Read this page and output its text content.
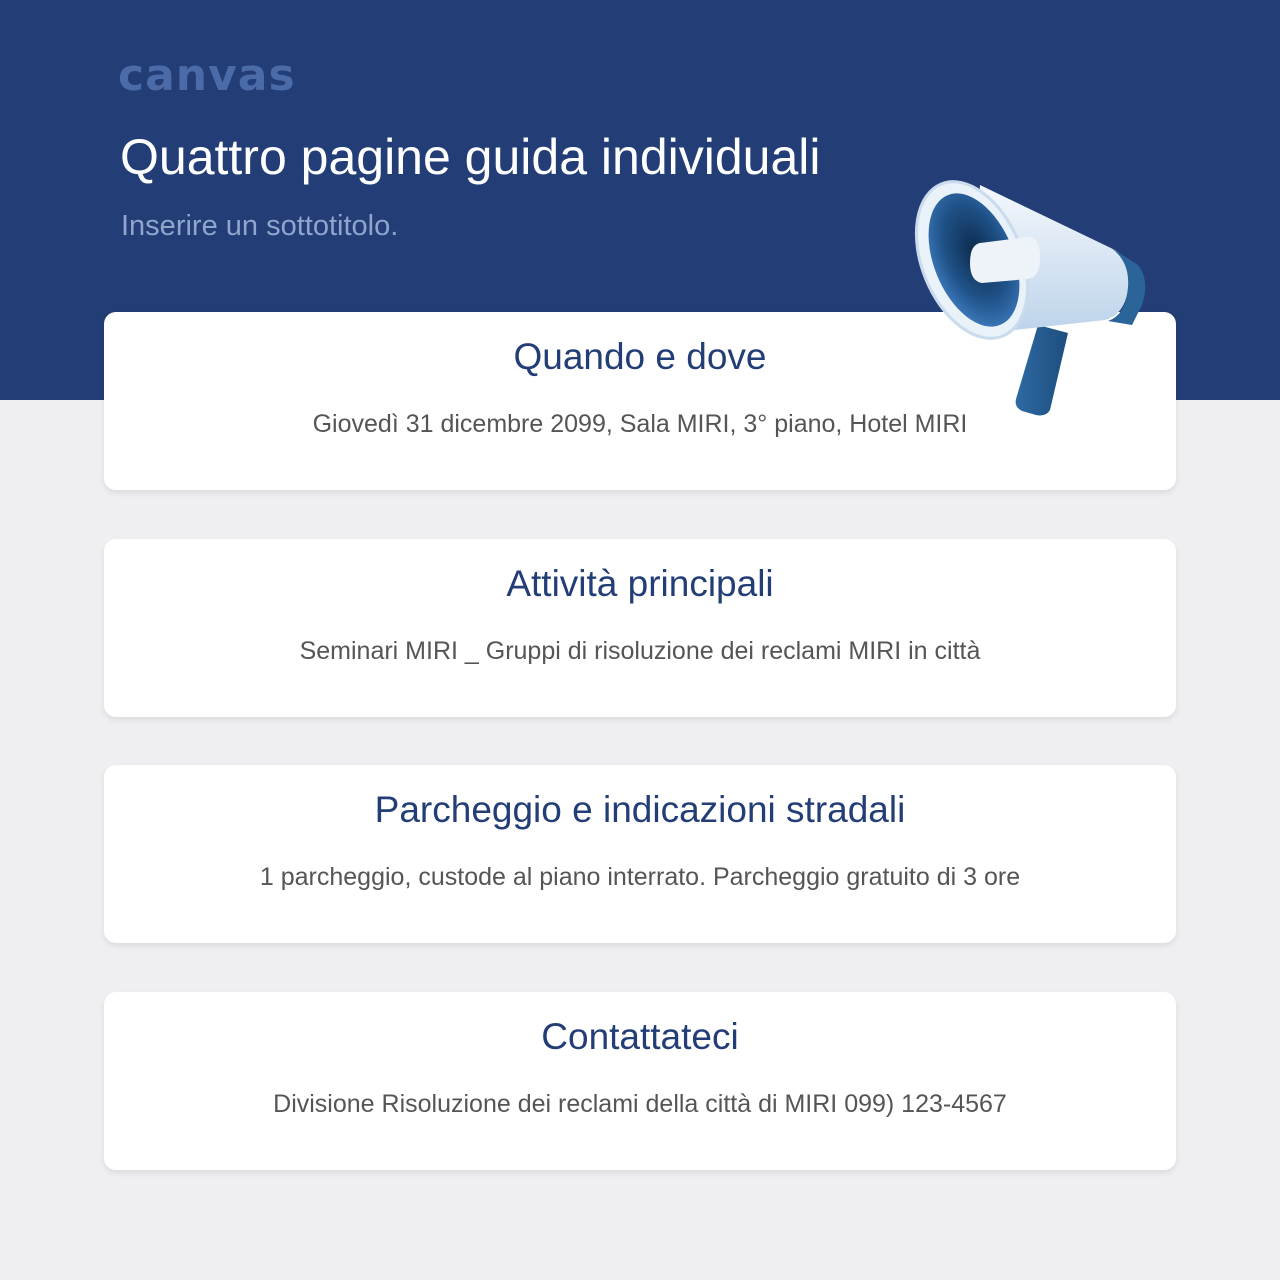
canvas
Quattro pagine guida individuali
Inserire un sottotitolo.
Quando e dove
Giovedì 31 dicembre 2099, Sala MIRI, 3° piano, Hotel MIRI
Attività principali
Seminari MIRI _ Gruppi di risoluzione dei reclami MIRI in città
Parcheggio e indicazioni stradali
1 parcheggio, custode al piano interrato. Parcheggio gratuito di 3 ore
Contattateci
Divisione Risoluzione dei reclami della città di MIRI 099) 123-4567
